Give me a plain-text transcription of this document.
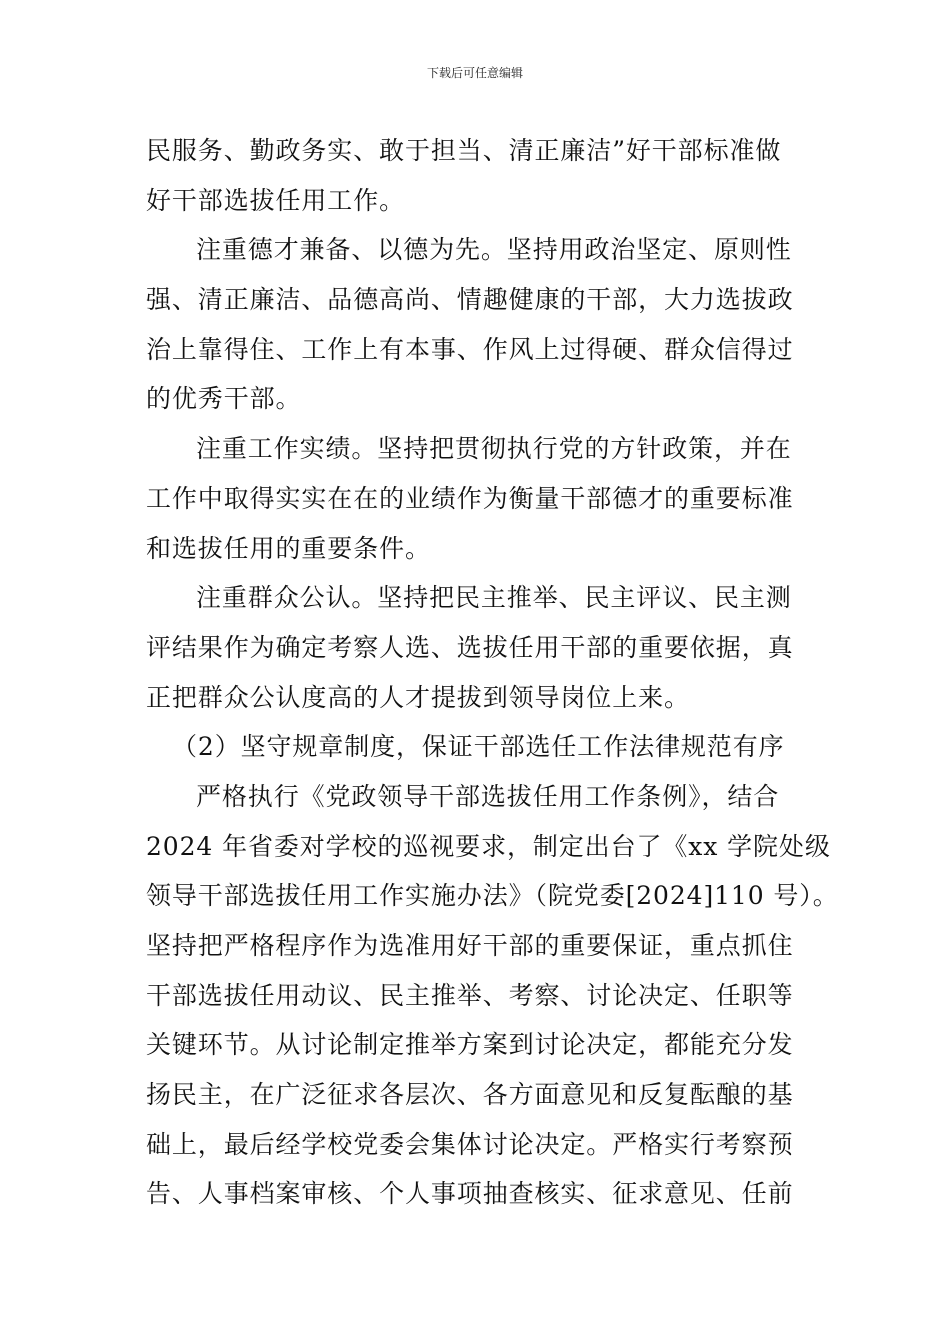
下载后可任意编辑
民服务、勤政务实、敢于担当、清正廉洁”好干部标准做
好干部选拔任用工作。
注重德才兼备、以德为先。坚持用政治坚定、原则性
强、清正廉洁、品德高尚、情趣健康的干部，大力选拔政
治上靠得住、工作上有本事、作风上过得硬、群众信得过
的优秀干部。
注重工作实绩。坚持把贯彻执行党的方针政策，并在
工作中取得实实在在的业绩作为衡量干部德才的重要标准
和选拔任用的重要条件。
注重群众公认。坚持把民主推举、民主评议、民主测
评结果作为确定考察人选、选拔任用干部的重要依据，真
正把群众公认度高的人才提拔到领导岗位上来。
（2）坚守规章制度，保证干部选任工作法律规范有序
严格执行《党政领导干部选拔任用工作条例》，结合
2024 年省委对学校的巡视要求，制定出台了《xx 学院处级
领导干部选拔任用工作实施办法》（院党委[2024]110 号）。
坚持把严格程序作为选准用好干部的重要保证，重点抓住
干部选拔任用动议、民主推举、考察、讨论决定、任职等
关键环节。从讨论制定推举方案到讨论决定，都能充分发
扬民主，在广泛征求各层次、各方面意见和反复酝酿的基
础上，最后经学校党委会集体讨论决定。严格实行考察预
告、人事档案审核、个人事项抽查核实、征求意见、任前
